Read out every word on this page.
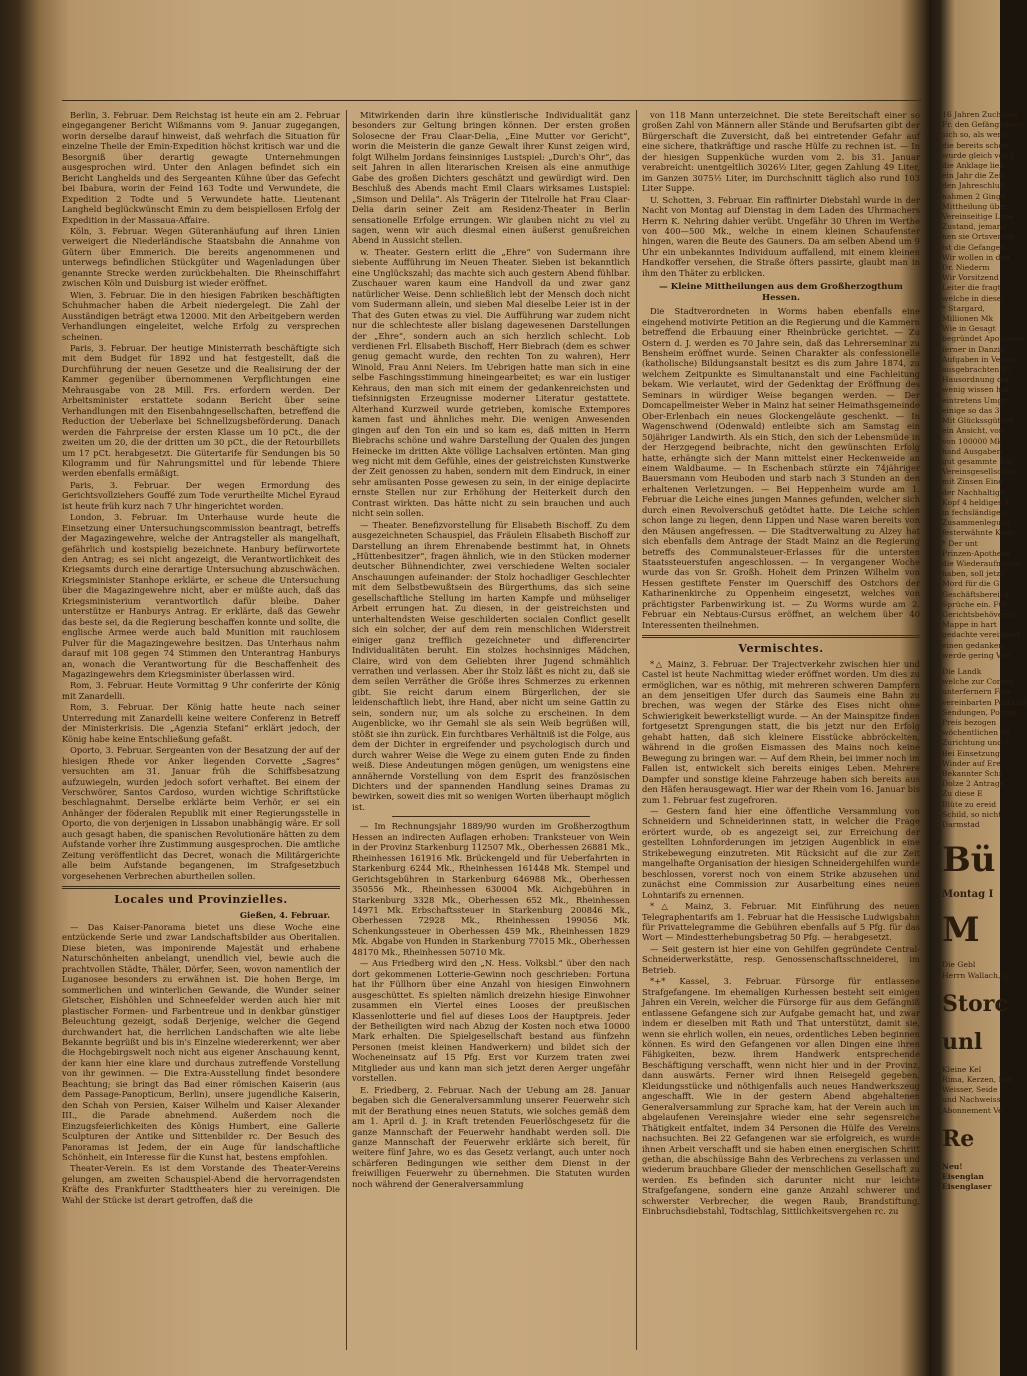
Berlin, 3. Februar. Dem Reichstag ist heute ein am 2. Februar eingegangener Bericht Wißmanns vom 9. Januar zugegangen, worin derselbe darauf hinweist, daß wehrfach die Situation für einzelne Theile der Emin-Expedition höchst kritisch war und die Besorgniß über derartig gewagte Unternehmungen ausgesprochen wird. Unter den Anlagen befindet sich ein Bericht Langhelds und des Sergeanten Kühne über das Gefecht bei Ibabura, worin der Feind 163 Todte und Verwundete, die Expedition 2 Todte und 5 Verwundete hatte. Lieutenant Langheld beglückwünscht Emin zu dem beispiellosen Erfolg der Expedition in der Massaua-Affaire.

Köln, 3. Februar. Wegen Güteranhäufung auf ihren Linien verweigert die Niederländische Staatsbahn die Annahme von Gütern über Emmerich. Die bereits angenommenen und unterwegs befindlichen Stückgüter und Wagenladungen über genannte Strecke werden zurückbehalten. Die Rheinschiffahrt zwischen Köln und Duisburg ist wieder eröffnet.

Wien, 3. Februar. Die in den hiesigen Fabriken beschäftigten Schuhmacher haben die Arbeit niedergelegt. Die Zahl der Ausständigen beträgt etwa 12000. Mit den Arbeitgebern werden Verhandlungen eingeleitet, welche Erfolg zu versprechen scheinen.

Paris, 3. Februar. Der heutige Ministerrath beschäftigte sich mit dem Budget für 1892 und hat festgestellt, daß die Durchführung der neuen Gesetze und die Realisirung der der Kammer gegenüber übernommenen Verpflichtungen eine Mehrausgabe von 28 Mill. Frs. erfordern werden. Der Arbeitsminister erstattete sodann Bericht über seine Verhandlungen mit den Eisenbahngesellschaften, betreffend die Reduction der Ueberlaxe bei Schnellzugsbeförderung. Danach werden die Fahrpreise der ersten Klasse um 10 pCt., die der zweiten um 20, die der dritten um 30 pCt., die der Retourbillets um 17 pCt. herabgesetzt. Die Gütertarife für Sendungen bis 50 Kilogramm und für Nahrungsmittel und für lebende Thiere werden ebenfalls ermäßigt.

Paris, 3. Februar. Der wegen Ermordung des Gerichtsvollziehers Gouffé zum Tode verurtheilte Michel Eyraud ist heute früh kurz nach 7 Uhr hingerichtet worden.

London, 3. Februar. Im Unterhause wurde heute die Einsetzung einer Untersuchungscommission beantragt, betreffs der Magazingewehre, welche der Antragsteller als mangelhaft, gefährlich und kostspielig bezeichnete. Hanbury befürwortete den Antrag; es sei nicht angezeigt, die Verantwortlichkeit des Kriegsamts durch eine derartige Untersuchung abzuschwächen. Kriegsminister Stanhope erklärte, er scheue die Untersuchung über die Magazingewehre nicht, aber er müßte auch, daß das Kriegsministerium verantwortlich dafür bleibe. Daher unterstütze er Hanburys Antrag. Er erklärte, daß das Gewehr das beste sei, da die Regierung beschaffen konnte und sollte, die englische Armee werde auch bald Munition mit rauchlosem Pulver für die Magazingewehre besitzen. Das Unterhaus nahm darauf mit 108 gegen 74 Stimmen den Unterantrag Hanburys an, wonach die Verantwortung für die Beschaffenheit des Magazingewehrs dem Kriegsminister überlassen wird.

Rom, 3. Februar. Heute Vormittag 9 Uhr conferirte der König mit Zanardelli.

Rom, 3. Februar. Der König hatte heute nach seiner Unterredung mit Zanardelli keine weitere Conferenz in Betreff der Ministerkrisis. Die „Agenzia Stefani“ erklärt jedoch, der König habe keine Entschließung gefaßt.

Oporto, 3. Februar. Sergeanten von der Besatzung der auf der hiesigen Rhede vor Anker liegenden Corvette „Sagres“ versuchten am 31. Januar früh die Schiffsbesatzung aufzuwiegeln, wurden jedoch sofort verhaftet. Bei einem der Verschwörer, Santos Cardoso, wurden wichtige Schriftstücke beschlagnahmt. Derselbe erklärte beim Verhör, er sei ein Anhänger der föderalen Republik mit einer Regierungsstelle in Oporto, die von derjenigen in Lissabon unabhängig wäre. Er soll auch gesagt haben, die spanischen Revolutionäre hätten zu dem Aufstande vorher ihre Zustimmung ausgesprochen. Die amtliche Zeitung veröffentlicht das Decret, wonach die Militärgerichte alle beim Aufstande begangenen, im Strafgesetzbuch vorgesehenen Verbrechen aburtheilen sollen.

Locales und Provinzielles.
Gießen, 4. Februar.

— Das Kaiser-Panorama bietet uns diese Woche eine entzückende Serie und zwar Landschaftsbilder aus Oberitalien. Diese bieten, was imponirende Majestät und erhabene Naturschönheiten anbelangt, unendlich viel, bewie auch die prachtvollen Städte, Thäler, Dörfer, Seen, wovon namentlich der Luganosee besonders zu erwähnen ist. Die hohen Berge, im sommerlichen und winterlichen Gewande, die Wunder seiner Gletscher, Eishöhlen und Schneefelder werden auch hier mit plastischer Formen- und Farbentreue und in denkbar günstiger Beleuchtung gezeigt, sodaß Derjenige, welcher die Gegend durchwandert hat, die herrlichen Landschaften wie alte liebe Bekannte begrüßt und bis in's Einzelne wiedererkennt; wer aber die Hochgebirgswelt noch nicht aus eigener Anschauung kennt, der kann hier eine klare und durchaus zutreffende Vorstellung von ihr gewinnen. — Die Extra-Ausstellung findet besondere Beachtung; sie bringt das Bad einer römischen Kaiserin (aus dem Passage-Panopticum, Berlin), unsere jugendliche Kaiserin, den Schah von Persien, Kaiser Wilhelm und Kaiser Alexander III., die Parade abnehmend. Außerdem noch die Einzugsfeierlichkeiten des Königs Humbert, eine Gallerie Sculpturen der Antike und Sittenbilder rc. Der Besuch des Panoramas ist Jedem, der ein Auge für landschaftliche Schönheit, ein Interesse für die Kunst hat, bestens empfohlen.

Theater-Verein. Es ist dem Vorstande des Theater-Vereins gelungen, am zweiten Schauspiel-Abend die hervorragendsten Kräfte des Frankfurter Stadttheaters hier zu vereinigen. Die Wahl der Stücke ist derart getroffen, daß die

Mitwirkenden darin ihre künstlerische Individualität ganz besonders zur Geltung bringen können. Der ersten großen Solosecne der Frau Claar-Delia, „Eine Mutter vor Gericht“, worin die Meisterin die ganze Gewalt ihrer Kunst zeigen wird, folgt Wilhelm Jordans feinsinniges Lustspiel: „Durch's Ohr“, das seit Jahren in allen literarischen Kreisen als eine anmuthige Gabe des großen Dichters geschätzt und gewürdigt wird. Den Beschluß des Abends macht Emil Claars wirksames Lustspiel: „Simson und Delila“. Als Trägerin der Titelrolle hat Frau Claar-Delia darin seiner Zeit am Residenz-Theater in Berlin sensationelle Erfolge errungen. Wir glauben nicht zu viel zu sagen, wenn wir auch diesmal einen äußerst genußreichen Abend in Aussicht stellen.

w. Theater. Gestern erlitt die „Ehre“ von Sudermann ihre siebente Aufführung im Neuen Theater. Sieben ist bekanntlich eine Unglückszahl; das machte sich auch gestern Abend fühlbar. Zuschauer waren kaum eine Handvoll da und zwar ganz natürlicher Weise. Denn schließlich lebt der Mensch doch nicht vom Sudermann allein, und sieben Mal dieselbe Leier ist in der That des Guten etwas zu viel. Die Aufführung war zudem nicht nur die schlechteste aller bislang dagewesenen Darstellungen der „Ehre“, sondern auch an sich herzlich schlecht. Lob verdienen Frl. Elisabeth Bischoff, Herr Biebrach (dem es schwer genug gemacht wurde, den rechten Ton zu wahren), Herr Winold, Frau Anni Neiers. Im Uebrigen hatte man sich in eine selbe Faschingsstimmung hineingearbeitet; es war ein lustiger Kehraus, den man sich mit einem der gedankenreichsten und tiefsinnigsten Erzeugnisse moderner Literatur gestattete. Alterhand Kurzweil wurde getrieben, komische Extempores kamen fast und ähnliches mehr. Die wenigen Anwesenden gingen auf den Ton ein und so kam es, daß mitten in Herrn Biebrachs schöne und wahre Darstellung der Qualen des jungen Heinecke im dritten Akte völlige Lachsalven ertönten. Man ging weg nicht mit dem Gefühle, eines der geistreichsten Kunstwerke der Zeit genossen zu haben, sondern mit dem Eindruck, in einer sehr amüsanten Posse gewesen zu sein, in der einige deplacirte ernste Stellen nur zur Erhöhung der Heiterkeit durch den Contrast wirkten. Das hätte nicht zu sein brauchen und auch nicht sein sollen.

— Theater. Benefizvorstellung für Elisabeth Bischoff. Zu dem ausgezeichneten Schauspiel, das Fräulein Elisabeth Bischoff zur Darstellung an ihrem Ehrenabende bestimmt hat, in Ohnets „Hüttenbesitzer“, fragen ähnlich, wie in den Stücken moderner deutscher Bühnendichter, zwei verschiedene Welten socialer Anschauungen aufeinander: der Stolz hochadliger Geschlechter mit dem Selbstbewußtsein des Bürgerthums, das sich seine gesellschaftliche Stellung im harten Kampfe und mühseliger Arbeit errungen hat. Zu diesen, in der geistreichsten und unterhaltendsten Weise geschilderten socialen Conflict gesellt sich ein solcher, der auf dem rein menschlichen Widerstreit einiger ganz trefflich gezeichneter und differencirter Individualitäten beruht. Ein stolzes hochsinniges Mädchen, Claire, wird von dem Geliebten ihrer Jugend schmählich verrathen und verlassen. Aber ihr Stolz läßt es nicht zu, daß sie dem seilen Verräther die Größe ihres Schmerzes zu erkennen gibt. Sie reicht darum einem Bürgerlichen, der sie leidenschaftlich liebt, ihre Hand, aber nicht um seine Gattin zu sein, sondern nur, um als solche zu erscheinen. In dem Augenblicke, wo ihr Gemahl sie als sein Weib begrüßen will, stößt sie ihn zurück. Ein furchtbares Verhältniß ist die Folge, aus dem der Dichter in ergreifender und psychologisch durch und durch wahrer Weise die Wege zu einem guten Ende zu finden weiß. Diese Andeutungen mögen genügen, um wenigstens eine annähernde Vorstellung von dem Esprit des französischen Dichters und der spannenden Handlung seines Dramas zu bewirken, soweit dies mit so wenigen Worten überhaupt möglich ist.

— Im Rechnungsjahr 1889/90 wurden im Großherzogthum Hessen an indirecten Auflagen erhoben: Tranksteuer von Wein in der Provinz Starkenburg 112507 Mk., Oberhessen 26881 Mk., Rheinhessen 161916 Mk. Brückengeld und für Ueberfahrten in Starkenburg 6244 Mk., Rheinhessen 161448 Mk. Stempel und Gerichtsgebühren in Starkenburg 646988 Mk., Oberhessen 350556 Mk., Rheinhessen 630004 Mk. Aichgebühren in Starkenburg 3328 Mk., Oberhessen 652 Mk., Rheinhessen 14971 Mk. Erbschaftssteuer in Starkenburg 200846 Mk., Oberhessen 72928 Mk., Rheinhessen 199056 Mk. Schenkungssteuer in Oberhessen 459 Mk., Rheinhessen 1829 Mk. Abgabe von Hunden in Starkenburg 77015 Mk., Oberhessen 48170 Mk., Rheinhessen 50710 Mk.

— Aus Friedberg wird den „N. Hess. Volksbl.“ über den nach dort gekommenen Lotterie-Gewinn noch geschrieben: Fortuna hat ihr Füllhorn über eine Anzahl von hiesigen Einwohnern ausgeschüttet. Es spielten nämlich dreizehn hiesige Einwohner zusammen ein Viertel eines Looses der preußischen Klassenlotterie und fiel auf dieses Loos der Hauptpreis. Jeder der Betheiligten wird nach Abzug der Kosten noch etwa 10000 Mark erhalten. Die Spielgesellschaft bestand aus fünfzehn Personen (meist kleinen Handwerkern) und bildet sich der Wocheneinsatz auf 15 Pfg. Erst vor Kurzem traten zwei Mitglieder aus und kann man sich jetzt deren Aerger ungefähr vorstellen.

E. Friedberg, 2. Februar. Nach der Uebung am 28. Januar begaben sich die Generalversammlung unserer Feuerwehr sich mit der Berathung eines neuen Statuts, wie solches gemäß dem am 1. April d. J. in Kraft tretenden Feuerlöschgesetz für die ganze Mannschaft der Feuerwehr handhabt werden soll. Die ganze Mannschaft der Feuerwehr erklärte sich bereit, für weitere fünf Jahre, wo es das Gesetz verlangt, auch unter noch schärferen Bedingungen wie seither dem Dienst in der freiwilligen Feuerwehr zu übernehmen. Die Statuten wurden noch während der Generalversammlung

von 118 Mann unterzeichnet. Die stete Bereitschaft einer so großen Zahl von Männern aller Stände und Berufsarten gibt der Bürgerschaft die Zuversicht, daß bei eintretender Gefahr auf eine sichere, thatkräftige und rasche Hülfe zu rechnen ist. — In der hiesigen Suppenküche wurden vom 2. bis 31. Januar verabreicht: unentgeltlich 3026½ Liter, gegen Zahlung 49 Liter, im Ganzen 3075½ Liter, im Durchschnitt täglich also rund 103 Liter Suppe.

U. Schotten, 3. Februar. Ein raffinirter Diebstahl wurde in der Nacht von Montag auf Dienstag in dem Laden des Uhrmachers Herrn K. Nehring dahier verübt. Ungefähr 30 Uhren im Werthe von 400—500 Mk., welche in einem kleinen Schaufenster hingen, waren die Beute des Gauners. Da am selben Abend um 9 Uhr ein unbekanntes Individuum auffallend, mit einem kleinen Handkoffer versehen, die Straße öfters passirte, glaubt man in ihm den Thäter zu erblicken.

— Kleine Mittheilungen aus dem Großherzogthum Hessen.

Die Stadtverordneten in Worms haben ebenfalls eine eingehend motivirte Petition an die Regierung und die Kammern betreffend die Erbauung einer Rheinbrücke gerichtet. — Zu Ostern d. J. werden es 70 Jahre sein, daß das Lehrerseminar zu Bensheim eröffnet wurde. Seinen Charakter als confessionelle (katholische) Bildungsanstalt besitzt es dis zum Jahre 1874, zu welchem Zeitpunkte es Simultananstalt und eine Fachleitung bekam. Wie verlautet, wird der Gedenktag der Eröffnung des Seminars in würdiger Weise begangen werden. — Der Domcapellmeister Weber in Mainz hat seiner Heimathsgemeinde Ober-Erlenbach ein neues Glockengeläute geschenkt. — In Wagenschwend (Odenwald) entleibte sich am Samstag ein 50jähriger Landwirth. Als ein Stich, den sich der Lebensmüde in der Herzgegend beibrachte, nicht den gewünschten Erfolg hatte, erhängte sich der Mann mittelst einer Heckenweide an einem Waldbaume. — In Eschenbach stürzte ein 74jähriger Bauersmann vom Heuboden und starb nach 3 Stunden an den erhaltenen Verletzungen. — Bei Heppenheim wurde am 1. Februar die Leiche eines jungen Mannes gefunden, welcher sich durch einen Revolverschuß getödtet hatte. Die Leiche schien schon lange zu liegen, denn Lippen und Nase waren bereits von den Mäusen angefressen. — Die Stadtverwaltung zu Alzey hat sich ebenfalls dem Antrage der Stadt Mainz an die Regierung betreffs des Communalsteuer-Erlasses für die untersten Staatssteuerstufen angeschlossen. — In vergangener Woche wurde das von Sr. Großh. Hoheit dem Prinzen Wilhelm von Hessen gestiftete Fenster im Querschiff des Ostchors der Katharinenkirche zu Oppenheim eingesetzt, welches von prächtigster Farbenwirkung ist. — Zu Worms wurde am 2. Februar ein Nebtaus-Cursus eröffnet, an welchem über 40 Interessenten theilnehmen.

Vermischtes.

*△ Mainz, 3. Februar. Der Trajectverkehr zwischen hier und Castel ist heute Nachmittag wieder eröffnet worden. Um dies zu ermöglichen, war es nöthig, mit mehreren schweren Dampfern an dem jenseitigen Ufer durch das Saumeis eine Bahn zu brechen, was wegen der Stärke des Eises nicht ohne Schwierigkeit bewerkstelligt wurde. — An der Mainspitze finden fortgesetzt Sprengungen statt, die bis jetzt nur den Erfolg gehabt hatten, daß sich kleinere Eisstücke abbröckelten, während in die großen Eismassen des Mains noch keine Bewegung zu bringen war. — Auf dem Rhein, bei immer noch im Fallen ist, entwickelt sich bereits einiges Leben. Mehrere Dampfer und sonstige kleine Fahrzeuge haben sich bereits aus den Häfen herausgewagt. Hier war der Rhein vom 16. Januar bis zum 1. Februar fest zugefroren.

— Gestern fand hier eine öffentliche Versammlung von Schneidern und Schneiderinnen statt, in welcher die Frage erörtert wurde, ob es angezeigt sei, zur Erreichung der gestellten Lohnforderungen im jetzigen Augenblick in eine Strikebewegung einzutreten. Mit Rücksicht auf die zur Zeit mangelhafte Organisation der hiesigen Schneidergehilfen wurde beschlossen, vorerst noch von einem Strike abzusehen und zunächst eine Commission zur Ausarbeitung eines neuen Lohntarifs zu ernennen.

*△ Mainz, 3. Februar. Mit Einführung des neuen Telegraphentarifs am 1. Februar hat die Hessische Ludwigsbahn für Privattelegramme die Gebühren ebenfalls auf 5 Pfg. für das Wort — Mindestterhebungsbetrag 50 Pfg. — herabgesetzt.

— Seit gestern ist hier eine von Gehilfen gegründete Central-Schneiderwerkstätte, resp. Genossenschaftsschneiderei, im Betrieb.

*+* Kassel, 3. Februar. Fürsorge für entlassene Strafgefangene. Im ehemaligen Kurhessen besteht seit einigen Jahren ein Verein, welcher die Fürsorge für aus dem Gefängniß entlassene Gefangene sich zur Aufgabe gemacht hat, und zwar indem er dieselben mit Rath und That unterstützt, damit sie, wenn sie ehrlich wollen, ein neues, ordentliches Leben beginnen können. Es wird den Gefangenen vor allen Dingen eine ihren Fähigkeiten, bezw. ihrem Handwerk entsprechende Beschäftigung verschafft, wenn nicht hier und in der Provinz, dann auswärts. Ferner wird ihnen Reisegeld gegeben, Kleidungsstücke und nöthigenfalls auch neues Handwerkszeug angeschafft. Wie in der gestern Abend abgehaltenen Generalversammlung zur Sprache kam, hat der Verein auch im abgelaufenen Vereinsjahre wieder eine sehr segensreiche Thätigkeit entfaltet, indem 34 Personen die Hülfe des Vereins nachsuchten. Bei 22 Gefangenen war sie erfolgreich, es wurde ihnen Arbeit verschafft und sie haben einen energischen Schritt gethan, die abschüssige Bahn des Verbrechens zu verlassen und wiederum brauchbare Glieder der menschlichen Gesellschaft zu werden. Es befinden sich darunter nicht nur leichte Strafgefangene, sondern eine ganze Anzahl schwerer und schwerster Verbrecher, die wegen Raub, Brandstiftung, Einbruchsdiebstahl, Todtschlag, Sittlichkeitsvergehen rc. zu

16 Jahren Zuchthau
Fr. den Gefängnissen
sich so, als wenn
die bereits schon
wurde gleich von J
die Anklage ließ
ein Jahr die Zeit
den Jahreschluß
nahmen 2 Ginge
Mittheilung über
Vereinseitige Lage
Zustand, jemand
nen sie Ortsverein
ist die Gefangen
Wir wollen in den
Dr. Niederm
Wir Vorsitzend
Leiter die fragt
welche in diese
* Stargard,
Millionen Mk
Wie in Gesagt
begründet Apotheker
ferner in Danzig
Aufgaben in Verein
ausgebrachten Pf
Hausordnung der
wenig wissen hat
eintretens Umge
einige so das 3
Mit Glückssgütern
ein Ansicht, von
von 100000 Mk
hand Ausgaben
gut gesammte Kap
Vereinsgesellschaft
mit Zinsen Eine
der Nachhaltige
Kopf 4 heldiges A
in fechsländigen
Zusammenlegung
festerwähnte Konz
* Der unt
Prinzen-Apotheke
die Wiederaufnahme
haben, soll jetzt
Mord für die G
Geschäftsbereich
Sprüche ein. Für
Gerichtsbehöverde
Mappe in hart
gedachte vereinbart
einen gedanken
werde gering Verl
Die Landk
welche zur Contra
unterfernern Fass
vereinbarten Postanst
Sendungen, Postan
Preis bezogen
wöchentlichen Ve
Zurichtung und v
Bei Einsetzung
Winder auf Ere
Bekannter Schr
Dolze 2 Antrags
Zu diese E
Blüte zu ereid
Schild, so nicht
Darmstad
Bü
Montag I
M
Die Gebl
Herrn Wallach, g
Storc
unl
Kleine Kel
Rima, Kerzen, Höl
Weisser, Seide
und Nachweiss
Abonnement Ve
Re
Neu!
Eisenglan
Eisenglaser
